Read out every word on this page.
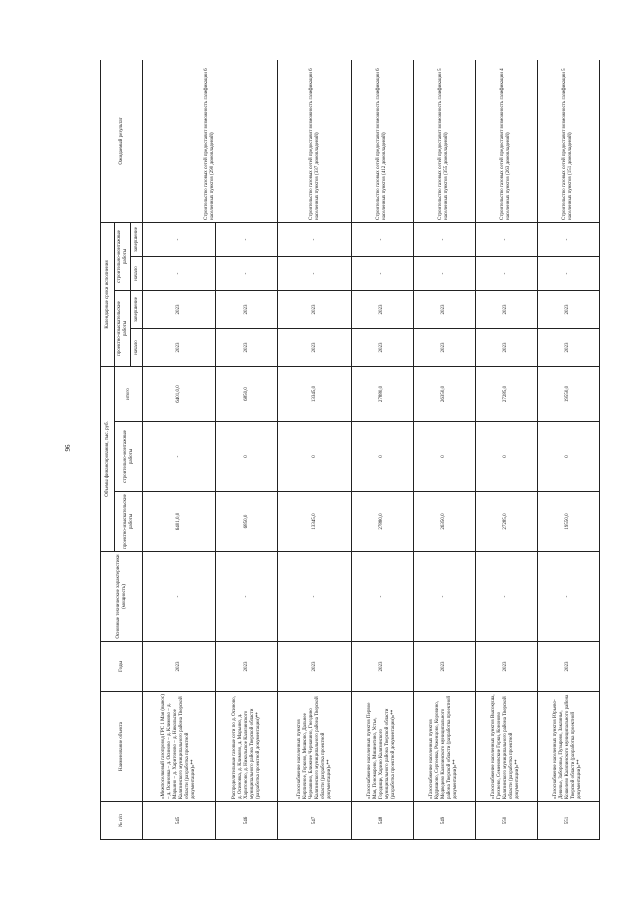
96
№ п/п	Наименование объекта	Годы	Основные технические характеристики (мощность)	Объемы финансирования, тыс. руб.			Календарные сроки исполнения				Ожидаемый результат
				проектно-изыскательские работы	строительно-монтажные работы	итого	проектно-изыскательские работы		строительно-монтажные работы		
							начало	завершение	начало	завершение	
545	«Межпоселковый газопровод ГРС 1 Мая (вынос) – д. Осиновка – д. Осиново – д. Климово – д. Марьино – д. Харитоново – д. Никольское Калязинского муниципального района Тверской области (разработка проектной документации)»**	2023	-	6401,0,0	-	6401,0,0	2023	2023	-	-	Строительство газовых сетей предоставит возможность газификации 6 населенных пунктов (290 домовладений)
546	Распределительные газовые сети по д. Осиново, д. Осиновка, д. Климово, д. Марьино, д. Харитоново, д. Никольское Калязинского муниципального района Тверской области (разработка проектной документации)**	2023	-	6850,0	0	6850,0	2023	2023	-	-	
547	«Газоснабжение населенных пунктов Кирпичное, Горково, Мешково, Дальнее Чернавино, Ближнее Чернавино, Гнездино Калязинского муниципального района Тверской области (разработка проектной документации)»**	2023	-	13345,0	0	13345,0	2023	2023	-	-	Строительство газовых сетей предоставит возможность газификации 6 населенных пунктов (337 домовладений)
548	«Газоснабжение населенных пунктов Первое Мая, Пономарево, Мишнетино, Устье, Городище, Харино Калязинского муниципального района Тверской области (разработка проектной документации)»**	2023	-	27880,0	0	27880,0	2023	2023	-	-	Строительство газовых сетей предоставит возможность газификации 6 населенных пунктов (412 домовладений)
549	«Газоснабжение населенных пунктов Кудряшово, Сергеевка, Роженцово, Коровино, Медведево Калязинского муниципального района Тверской области (разработка проектной документации)»**	2023	-	26350,0	0	26350,0	2023	2023	-	-	Строительство газовых сетей предоставит возможность газификации 5 населенных пунктов (355 домовладений)
550	«Газоснабжение населенных пунктов Высокуша, Грехнево, Семеновские Горки, Кононово Калязинского муниципального района Тверской области (разработка проектной документации)»**	2023	-	27285,0	0	27285,0	2023	2023	-	-	Строительство газовых сетей предоставит возможность газификации 4 населенных пунктов (263 домовладений)
551	«Газоснабжение населенных пунктов Юрьево-Девичье, Заборовье, Пузырево, Заклинье, Кошелево Калязинского муниципального района Тверской области (разработка проектной документации)»**	2023	-	19550,0	0	19550,0	2023	2023	-	-	Строительство газовых сетей предоставит возможность газификации 5 населенных пунктов (151 домовладений)
